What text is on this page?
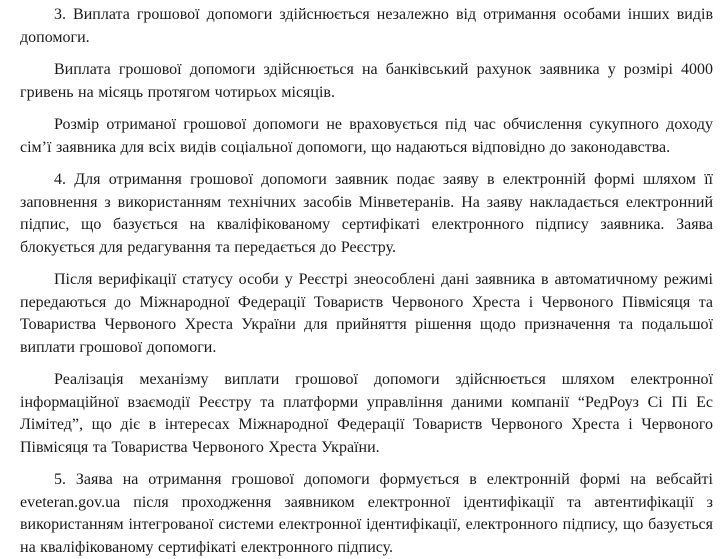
3. Виплата грошової допомоги здійснюється незалежно від отримання особами інших видів допомоги.

Виплата грошової допомоги здійснюється на банківський рахунок заявника у розмірі 4000 гривень на місяць протягом чотирьох місяців.

Розмір отриманої грошової допомоги не враховується під час обчислення сукупного доходу сім’ї заявника для всіх видів соціальної допомоги, що надаються відповідно до законодавства.

4. Для отримання грошової допомоги заявник подає заяву в електронній формі шляхом її заповнення з використанням технічних засобів Мінветеранів. На заяву накладається електронний підпис, що базується на кваліфікованому сертифікаті електронного підпису заявника. Заява блокується для редагування та передається до Реєстру.

Після верифікації статусу особи у Реєстрі знеособлені дані заявника в автоматичному режимі передаються до Міжнародної Федерації Товариств Червоного Хреста і Червоного Півмісяця та Товариства Червоного Хреста України для прийняття рішення щодо призначення та подальшої виплати грошової допомоги.

Реалізація механізму виплати грошової допомоги здійснюється шляхом електронної інформаційної взаємодії Реєстру та платформи управління даними компанії “РедРоуз Сі Пі Ес Лімітед”, що діє в інтересах Міжнародної Федерації Товариств Червоного Хреста і Червоного Півмісяця та Товариства Червоного Хреста України.

5. Заява на отримання грошової допомоги формується в електронній формі на вебсайті eveteran.gov.ua після проходження заявником електронної ідентифікації та автентифікації з використанням інтегрованої системи електронної ідентифікації, електронного підпису, що базується на кваліфікованому сертифікаті електронного підпису.
